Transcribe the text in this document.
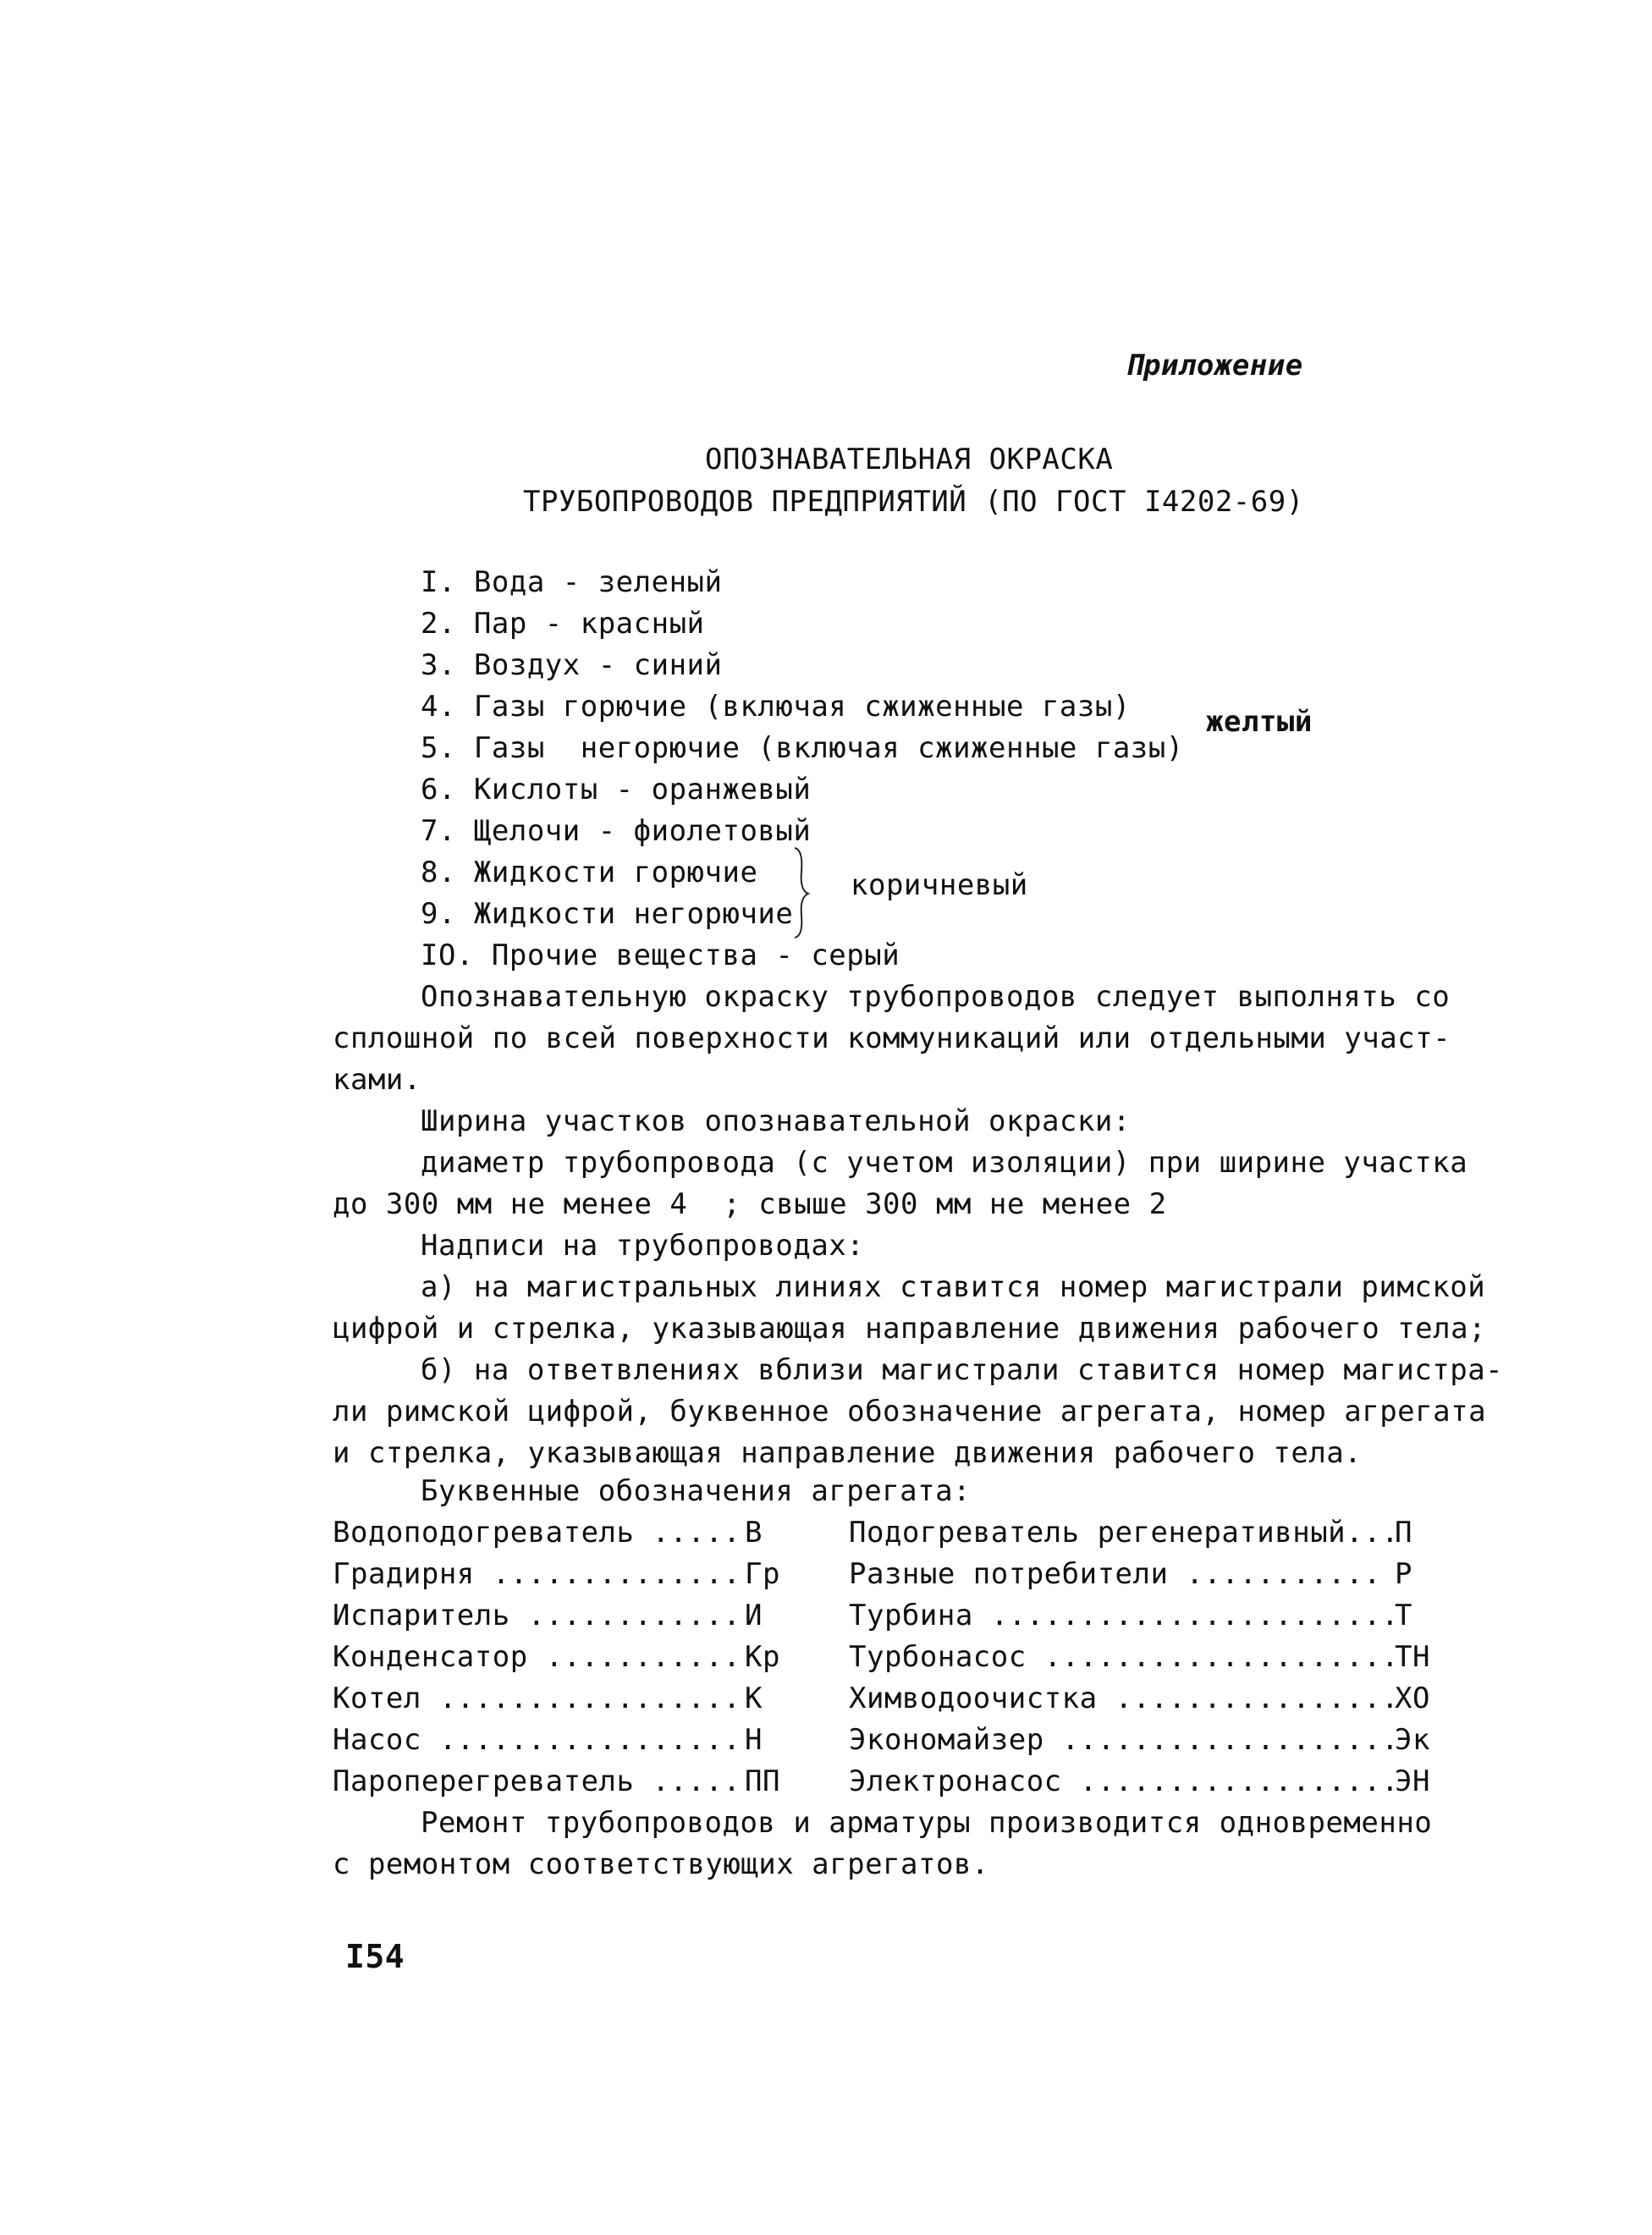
Приложение
ОПОЗНАВАТЕЛЬНАЯ ОКРАСКА
ТРУБОПРОВОДОВ ПРЕДПРИЯТИЙ (ПО ГОСТ I4202-69)
I. Вода - зеленый
2. Пар - красный
3. Воздух - синий
4. Газы горючие (включая сжиженные газы)
5. Газы  негорючие (включая сжиженные газы)
6. Кислоты - оранжевый
7. Щелочи - фиолетовый
8. Жидкости горючие
9. Жидкости негорючие
IO. Прочие вещества - серый
желтый
коричневый
Опознавательную окраску трубопроводов следует выполнять со
сплошной по всей поверхности коммуникаций или отдельными участ-
ками.
Ширина участков опознавательной окраски:
диаметр трубопровода (с учетом изоляции) при ширине участка
до 300 мм не менее 4  ; свыше 300 мм не менее 2
Надписи на трубопроводах:
а) на магистральных линиях ставится номер магистрали римской
цифрой и стрелка, указывающая направление движения рабочего тела;
б) на ответвлениях вблизи магистрали ставится номер магистра-
ли римской цифрой, буквенное обозначение агрегата, номер агрегата
и стрелка, указывающая направление движения рабочего тела.
Буквенные обозначения агрегата:
Водоподогреватель ..... В
Градирня .............. Гр
Испаритель ............ И
Конденсатор ........... Кр
Котел ................. К
Насос ................. Н
Пароперегреватель ..... ПП
Подогреватель регенеративный...
П
Разные потребители ........... Р
Турбина .......................
Т
Турбонасос ....................
ТН
Химводоочистка ................
ХО
Экономайзер ...................
Эк
Электронасос ..................
ЭН
Ремонт трубопроводов и арматуры производится одновременно
с ремонтом соответствующих агрегатов.
I54
